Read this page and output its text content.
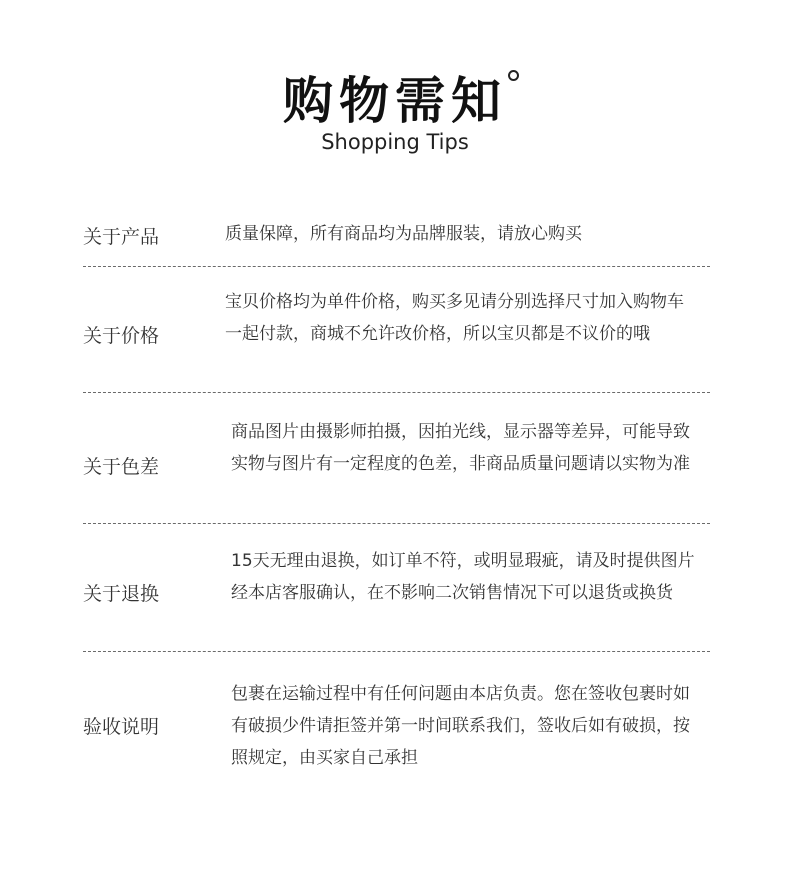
购物需知
Shopping Tips
关于产品	质量保障，所有商品均为品牌服装，请放心购买
关于价格
宝贝价格均为单件价格，购买多见请分别选择尺寸加入购物车一起付款，商城不允许改价格，所以宝贝都是不议价的哦
关于色差
商品图片由摄影师拍摄，因拍光线，显示器等差异，可能导致实物与图片有一定程度的色差，非商品质量问题请以实物为准
关于退换
15天无理由退换，如订单不符，或明显瑕疵，请及时提供图片经本店客服确认，在不影响二次销售情况下可以退货或换货
验收说明
包裹在运输过程中有任何问题由本店负责。您在签收包裹时如有破损少件请拒签并第一时间联系我们，签收后如有破损，按照规定，由买家自己承担
